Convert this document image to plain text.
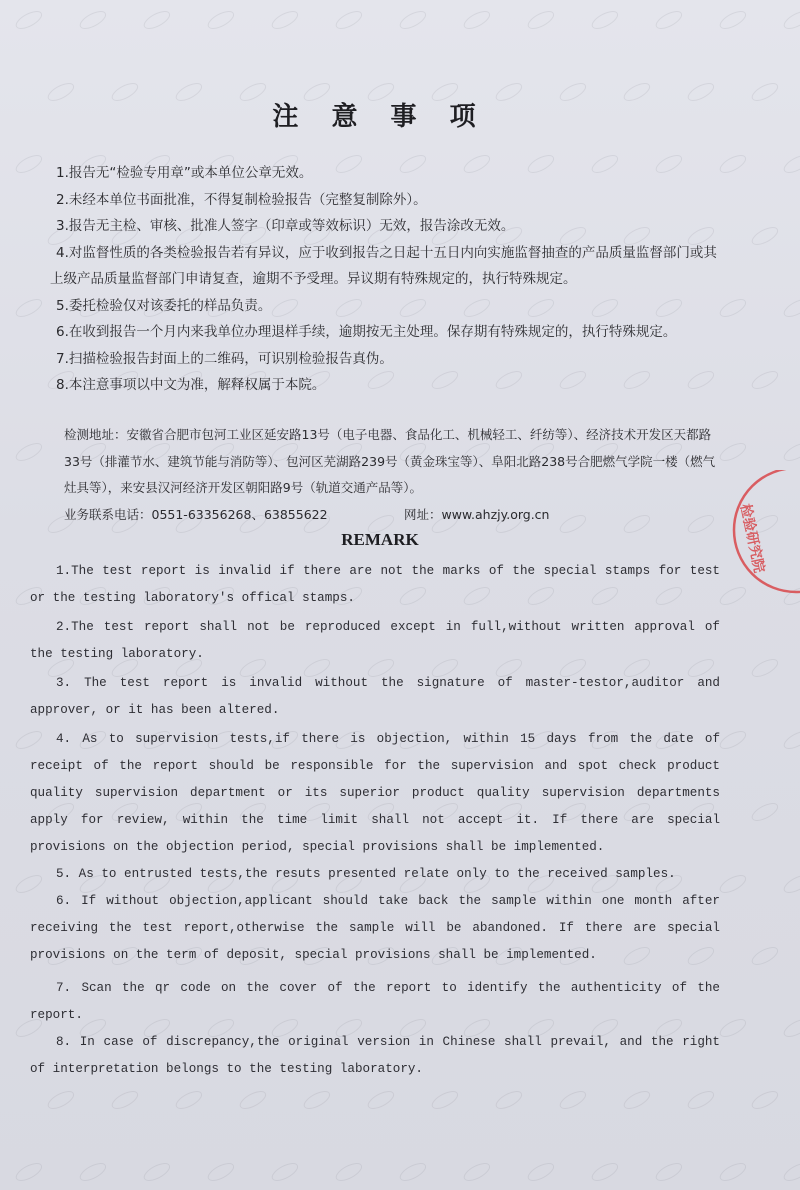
注 意 事 项

1.报告无“检验专用章”或本单位公章无效。

2.未经本单位书面批准，不得复制检验报告（完整复制除外）。

3.报告无主检、审核、批准人签字（印章或等效标识）无效，报告涂改无效。

4.对监督性质的各类检验报告若有异议，应于收到报告之日起十五日内向实施监督抽查的产品质量监督部门或其上级产品质量监督部门申请复查，逾期不予受理。异议期有特殊规定的，执行特殊规定。

5.委托检验仅对该委托的样品负责。

6.在收到报告一个月内来我单位办理退样手续，逾期按无主处理。保存期有特殊规定的，执行特殊规定。

7.扫描检验报告封面上的二维码，可识别检验报告真伪。

8.本注意事项以中文为准，解释权属于本院。

检测地址：安徽省合肥市包河工业区延安路13号（电子电器、食品化工、机械轻工、纤纺等）、经济技术开发区天都路33号（排灌节水、建筑节能与消防等）、包河区芜湖路239号（黄金珠宝等）、阜阳北路238号合肥燃气学院一楼（燃气灶具等），来安县汉河经济开发区朝阳路9号（轨道交通产品等）。

业务联系电话：0551-63356268、63855622	网址：www.ahzjy.org.cn
REMARK

1.The test report is invalid if there are not the marks of the special stamps for test or the testing laboratory's offical stamps.

2.The test report shall not be reproduced except in full,without written approval of the testing laboratory.

3. The test report is invalid without the signature of master-testor,auditor and approver, or it has been altered.

4. As to supervision tests,if there is objection, within 15 days from the date of receipt of the report should be responsible for the supervision and spot check product quality supervision department or its superior product quality supervision departments apply for review, within the time limit shall not accept it. If there are special provisions on the objection period, special provisions shall be implemented.

5. As to entrusted tests,the resuts presented relate only to the received samples.

6. If without objection,applicant should take back the sample within one month after receiving the test report,otherwise the sample will be abandoned. If there are special provisions on the term of deposit, special provisions shall be implemented.

7. Scan the qr code on the cover of the report to identify the authenticity of the report.

8. In case of discrepancy,the original version in Chinese shall prevail, and the right of interpretation belongs to the testing laboratory.

检验研究院
